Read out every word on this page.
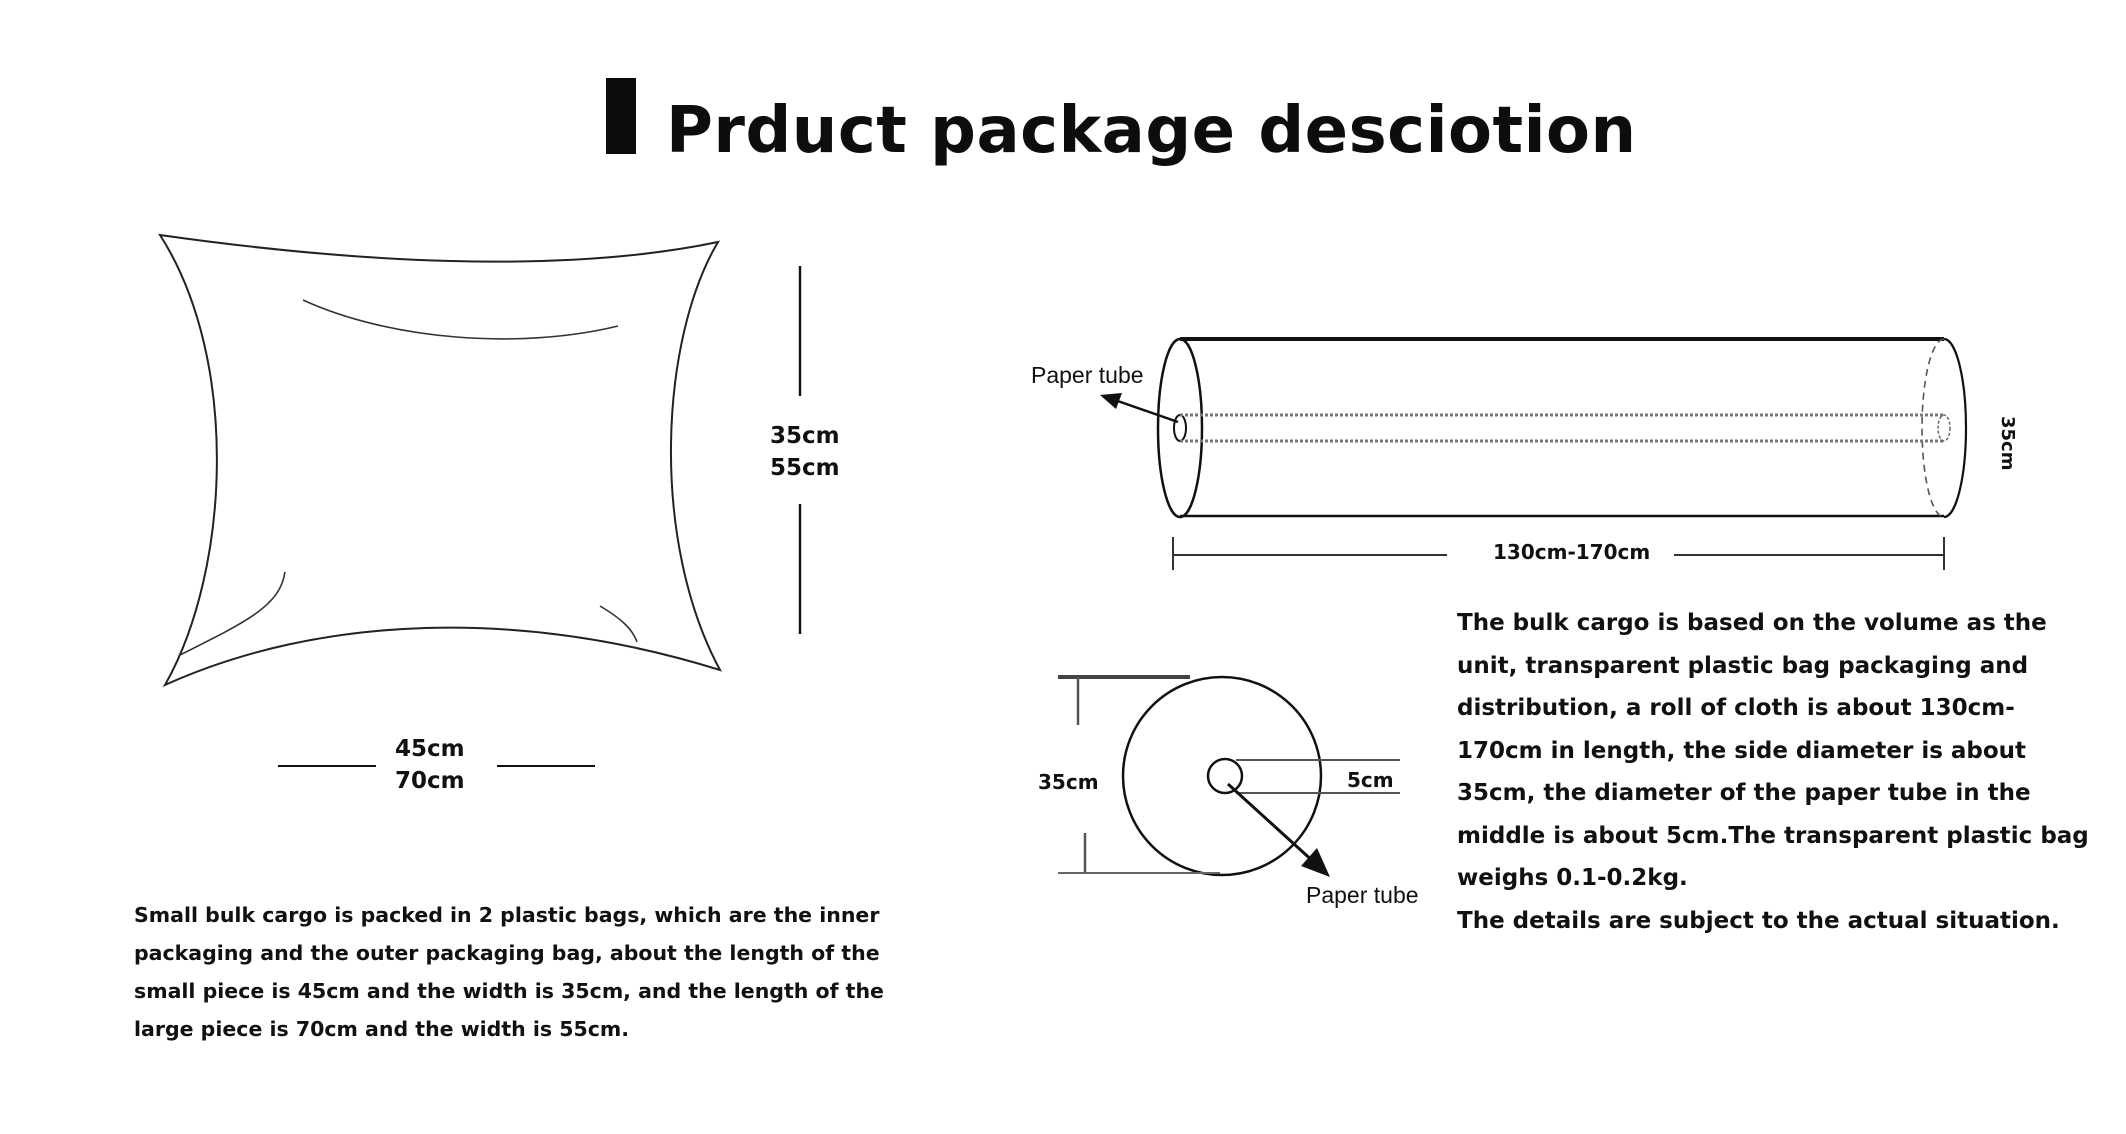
Prduct package desciotion
35cm
55cm
45cm
70cm
Paper tube
130cm-170cm
35cm
35cm	5cm
Paper tube

Small bulk cargo is packed in 2 plastic bags, which are the inner packaging and the outer packaging bag, about the length of the small piece is 45cm and the width is 35cm, and the length of the large piece is 70cm and the width is 55cm.

The bulk cargo is based on the volume as the unit, transparent plastic bag packaging and distribution, a roll of cloth is about 130cm-170cm in length, the side diameter is about 35cm, the diameter of the paper tube in the middle is about 5cm.The transparent plastic bag weighs 0.1-0.2kg.

The details are subject to the actual situation.
